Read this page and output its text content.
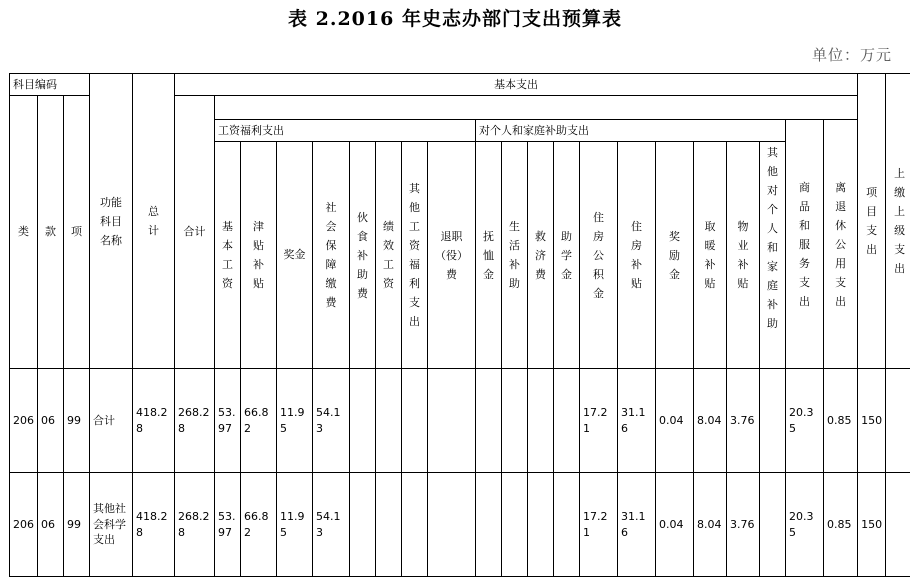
表 2.2016 年史志办部门支出预算表
单位：万元
科目编码			功能科目名称	总计	基本支出																					项目支出	上缴上级支出
类	款	项			合计																						
						工资福利支出								对个人和家庭补助支出										商品和服务支出	离退休公用支出		
						基本工资	津贴补贴	奖金	社会保障缴费	伙食补助费	绩效工资	其他工资福利支出	退职（役）费	抚恤金	生活补助	救济费	助学金	住房公积金	住房补贴	奖励金	取暖补贴	物业补贴	其他对个人和家庭补助				
206	06	99	合计	418.28	268.28	53.97	66.82	11.95	54.13									17.21	31.16	0.04	8.04	3.76		20.35	0.85	150	
206	06	99	其他社会科学支出	418.28	268.28	53.97	66.82	11.95	54.13									17.21	31.16	0.04	8.04	3.76		20.35	0.85	150	
